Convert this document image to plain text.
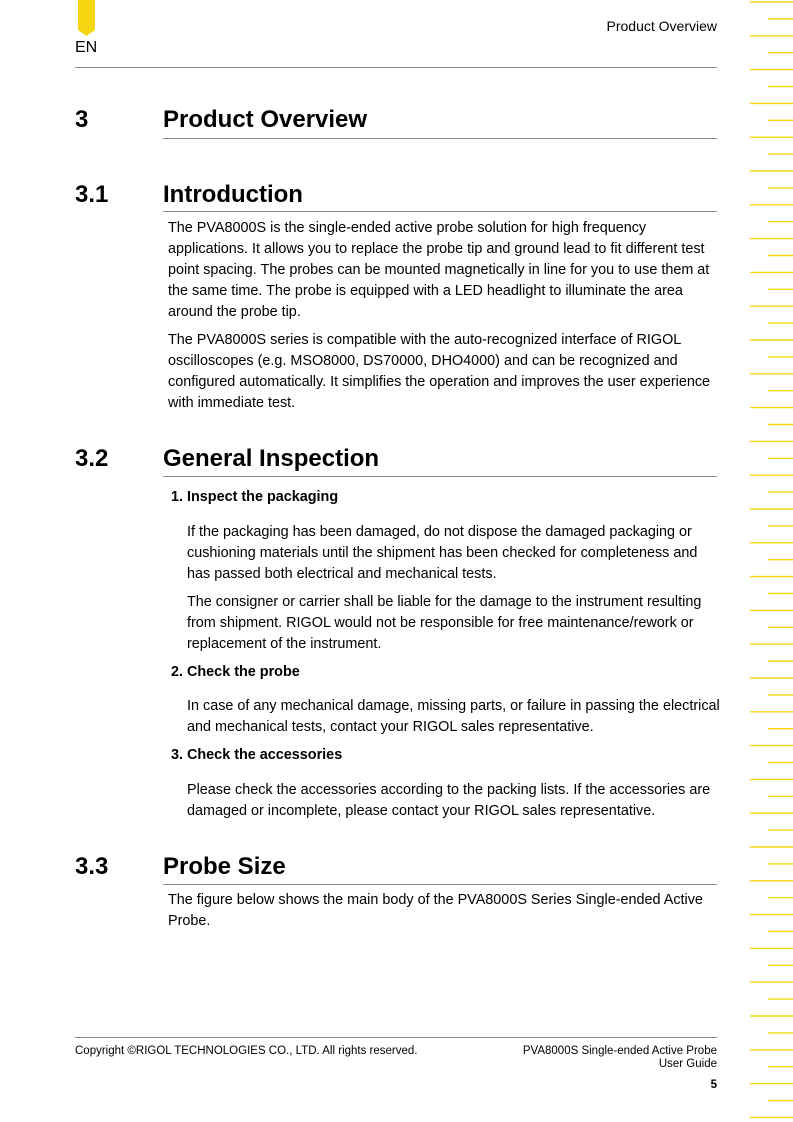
EN
Product Overview
3	Product Overview
3.1 Introduction

The PVA8000S is the single-ended active probe solution for high frequency applications. It allows you to replace the probe tip and ground lead to fit different test point spacing. The probes can be mounted magnetically in line for you to use them at the same time. The probe is equipped with a LED headlight to illuminate the area around the probe tip.

The PVA8000S series is compatible with the auto-recognized interface of RIGOL oscilloscopes (e.g. MSO8000, DS70000, DHO4000) and can be recognized and configured automatically. It simplifies the operation and improves the user experience with immediate test.

3.2 General Inspection
1. Inspect the packaging

If the packaging has been damaged, do not dispose the damaged packaging or cushioning materials until the shipment has been checked for completeness and has passed both electrical and mechanical tests.

The consigner or carrier shall be liable for the damage to the instrument resulting from shipment. RIGOL would not be responsible for free maintenance/rework or replacement of the instrument.

2. Check the probe

In case of any mechanical damage, missing parts, or failure in passing the electrical and mechanical tests, contact your RIGOL sales representative.

3. Check the accessories

Please check the accessories according to the packing lists. If the accessories are damaged or incomplete, please contact your RIGOL sales representative.

3.3 Probe Size

The figure below shows the main body of the PVA8000S Series Single-ended Active Probe.

Copyright ©RIGOL TECHNOLOGIES CO., LTD. All rights reserved.	PVA8000S Single-ended Active Probe
User Guide
5
